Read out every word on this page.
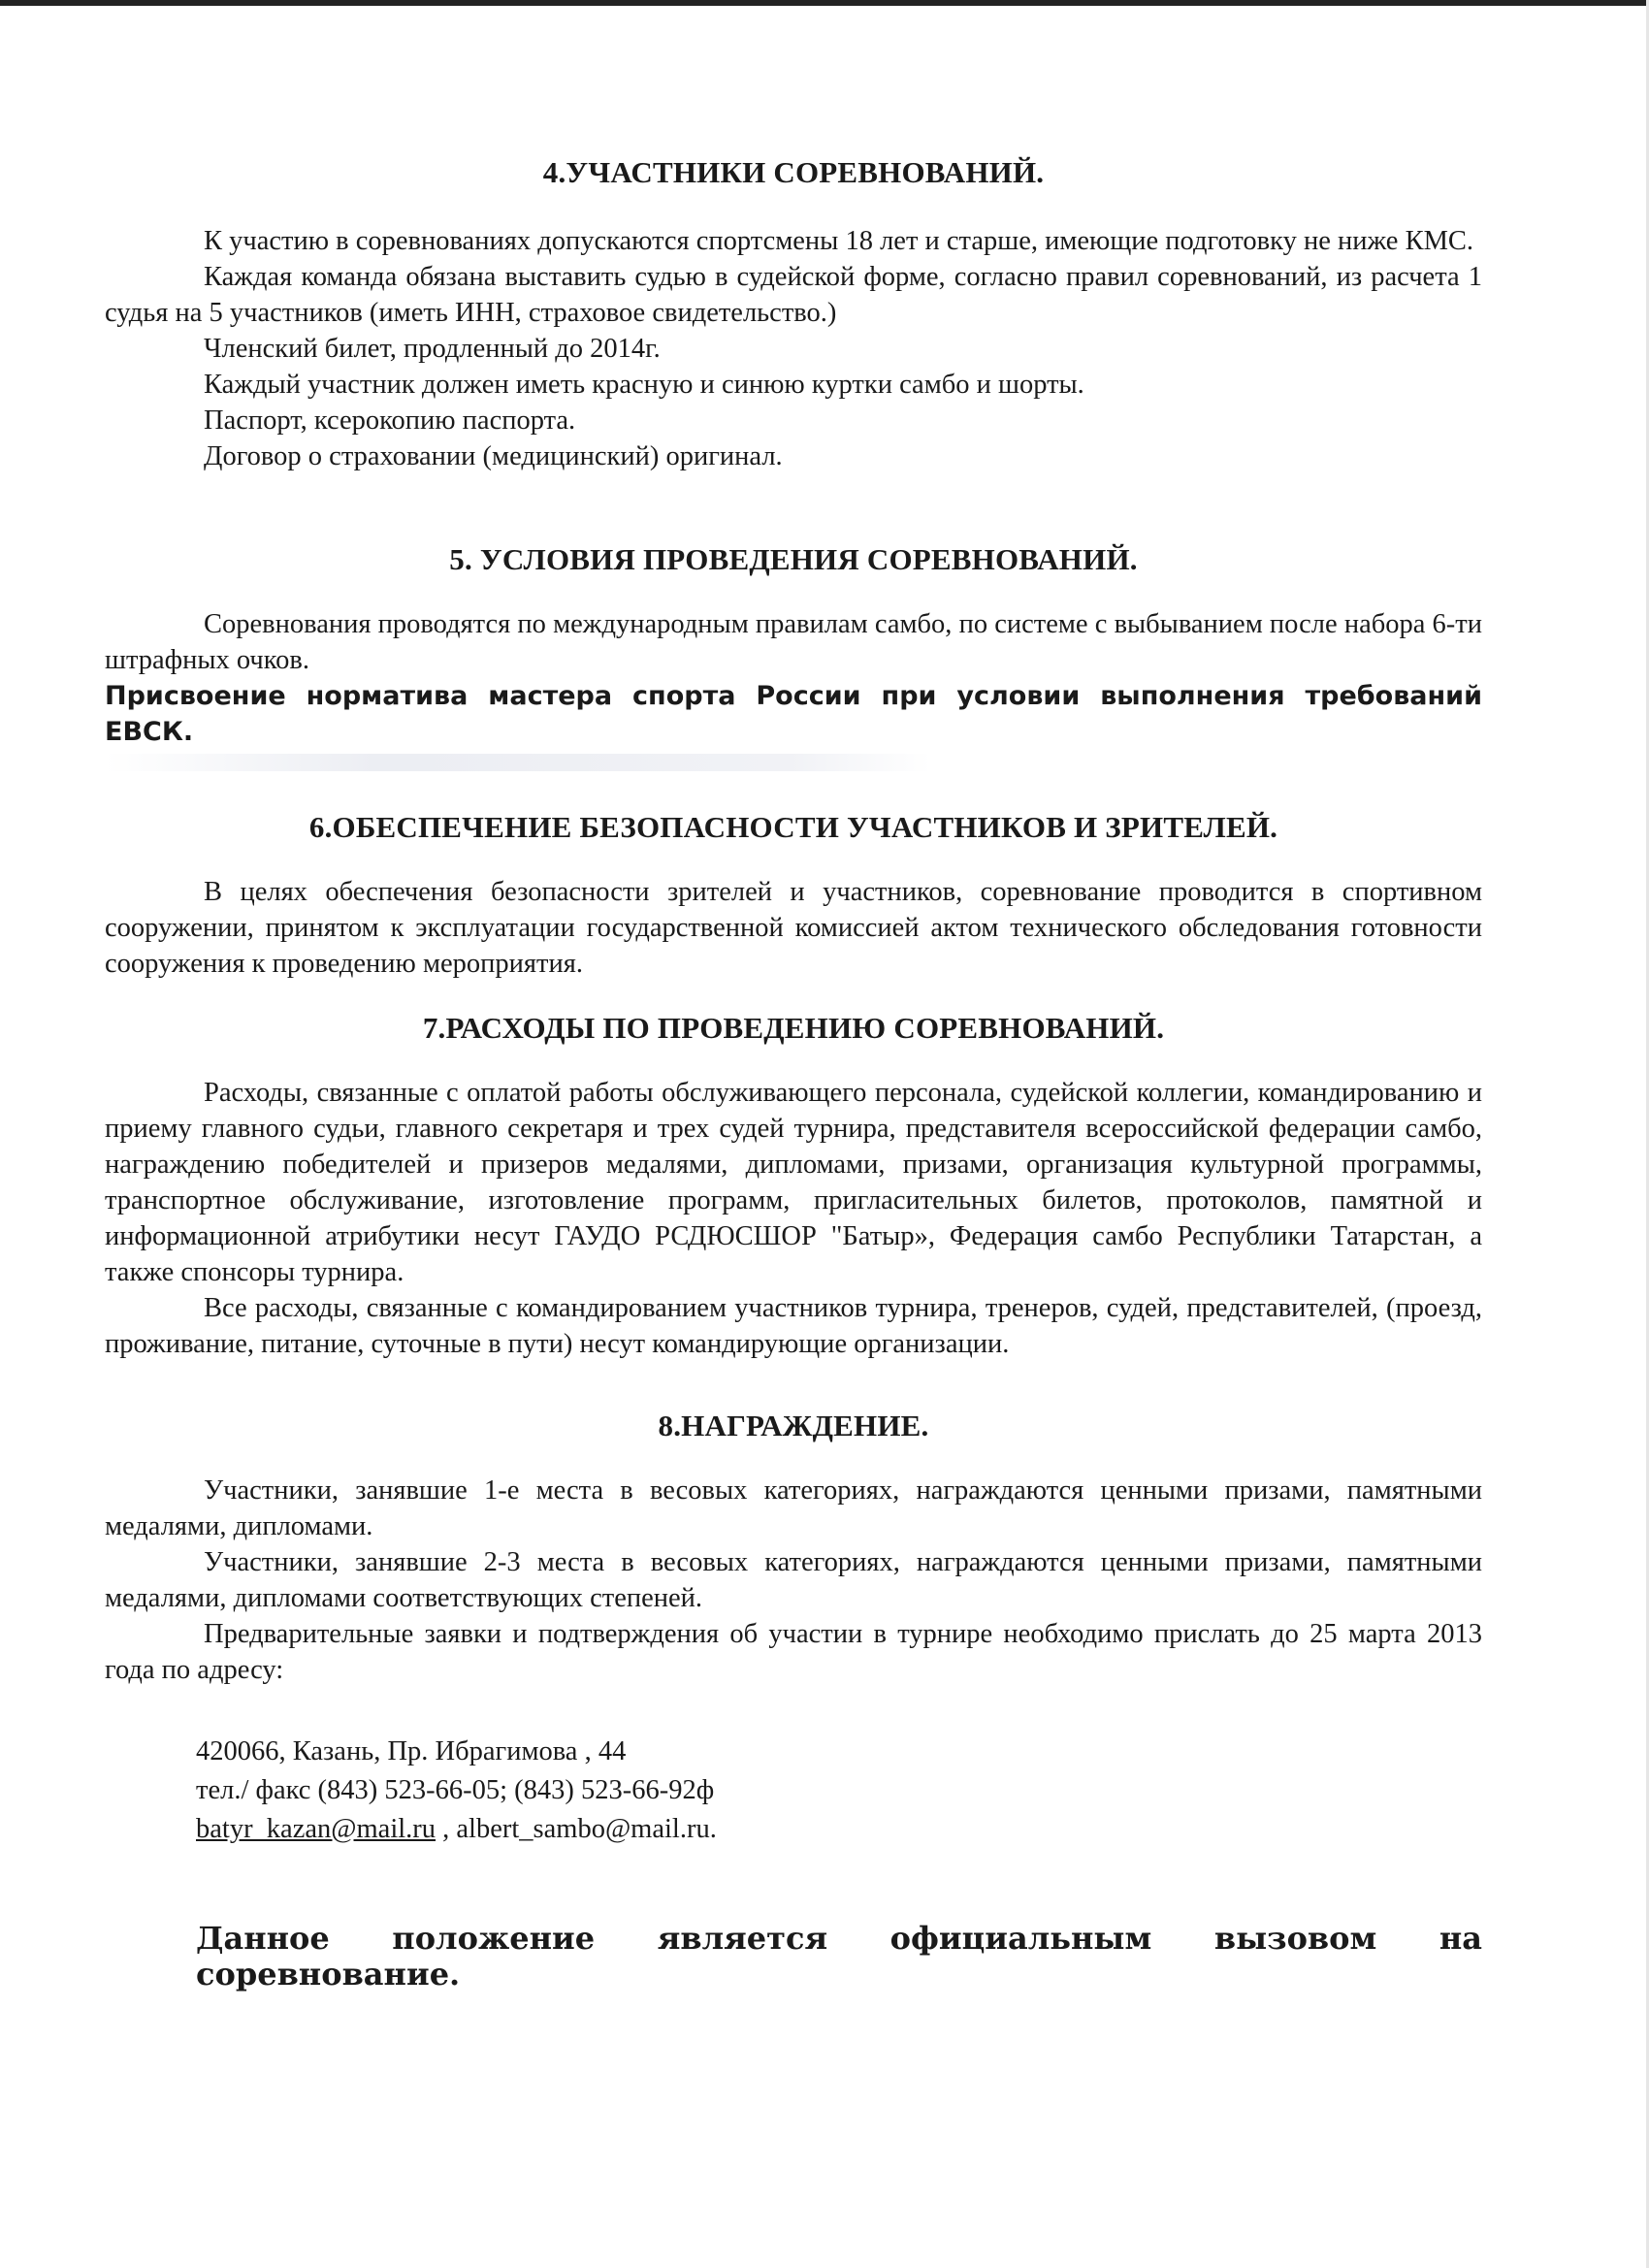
4.УЧАСТНИКИ СОРЕВНОВАНИЙ.

К участию в соревнованиях допускаются спортсмены 18 лет и старше, имеющие подготовку не ниже КМС.

Каждая команда обязана выставить судью в судейской форме, согласно правил соревнований, из расчета 1 судья на 5 участников (иметь ИНН, страховое свидетельство.)

Членский билет, продленный до 2014г.

Каждый участник должен иметь красную и синюю куртки самбо и шорты.

Паспорт, ксерокопию паспорта.

Договор о страховании (медицинский) оригинал.

5. УСЛОВИЯ ПРОВЕДЕНИЯ СОРЕВНОВАНИЙ.

Соревнования проводятся по международным правилам самбо, по системе с выбыванием после набора 6-ти штрафных очков.

Присвоение норматива мастера спорта России при условии выполнения требований ЕВСК.

6.ОБЕСПЕЧЕНИЕ БЕЗОПАСНОСТИ УЧАСТНИКОВ И ЗРИТЕЛЕЙ.

В целях обеспечения безопасности зрителей и участников, соревнование проводится в спортивном сооружении, принятом к эксплуатации государственной комиссией актом технического обследования готовности сооружения к проведению мероприятия.

7.РАСХОДЫ ПО ПРОВЕДЕНИЮ СОРЕВНОВАНИЙ.

Расходы, связанные с оплатой работы обслуживающего персонала, судейской коллегии, командированию и приему главного судьи, главного секретаря и трех судей турнира, представителя всероссийской федерации самбо, награждению победителей и призеров медалями, дипломами, призами, организация культурной программы, транспортное обслуживание, изготовление программ, пригласительных билетов, протоколов, памятной и информационной атрибутики несут ГАУДО РСДЮСШОР "Батыр», Федерация самбо Республики Татарстан, а также спонсоры турнира.

Все расходы, связанные с командированием участников турнира, тренеров, судей, представителей, (проезд, проживание, питание, суточные в пути) несут командирующие организации.

8.НАГРАЖДЕНИЕ.

Участники, занявшие 1-е места в весовых категориях, награждаются ценными призами, памятными медалями, дипломами.

Участники, занявшие 2-3 места в весовых категориях, награждаются ценными призами, памятными медалями, дипломами соответствующих степеней.

Предварительные заявки и подтверждения об участии в турнире необходимо прислать до 25 марта 2013 года по адресу:

420066, Казань, Пр. Ибрагимова , 44
тел./ факс (843) 523-66-05; (843) 523-66-92ф
batyr_kazan@mail.ru , albert_sambo@mail.ru.

Данное положение является официальным вызовом на соревнование.
